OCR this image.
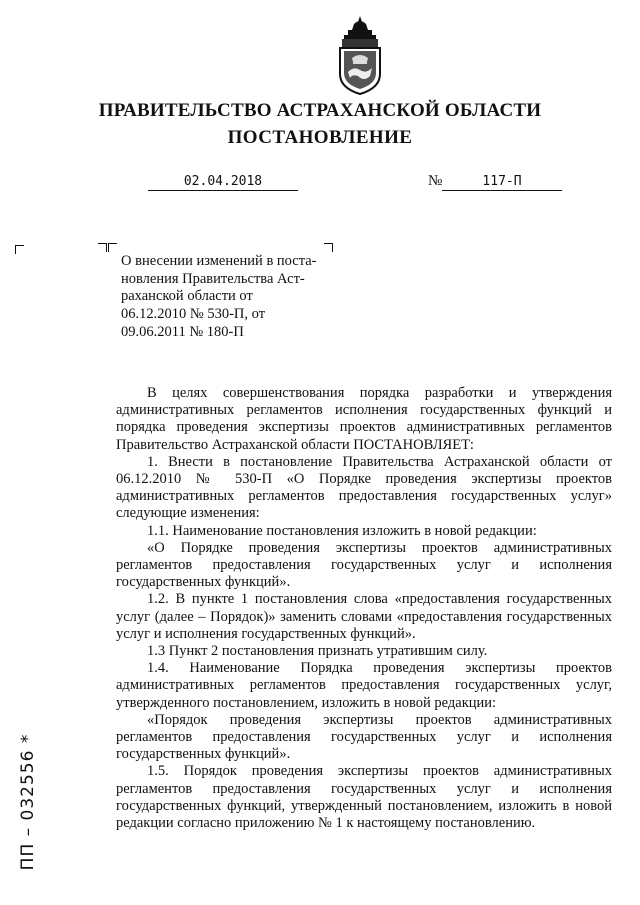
ПРАВИТЕЛЬСТВО АСТРАХАНСКОЙ ОБЛАСТИ
ПОСТАНОВЛЕНИЕ
02.04.2018	№	117-П
О внесении изменений в поста-
новления Правительства Аст-
раханской области от
06.12.2010 № 530-П, от
09.06.2011 № 180-П

В целях совершенствования порядка разработки и утверждения административных регламентов исполнения государственных функций и порядка проведения экспертизы проектов административных регламентов Правительство Астраханской области ПОСТАНОВЛЯЕТ:

1. Внести в постановление Правительства Астраханской области от 06.12.2010 № 530-П «О Порядке проведения экспертизы проектов административных регламентов предоставления государственных услуг» следующие изменения:

1.1. Наименование постановления изложить в новой редакции:

«О Порядке проведения экспертизы проектов административных регламентов предоставления государственных услуг и исполнения государственных функций».

1.2. В пункте 1 постановления слова «предоставления государственных услуг (далее – Порядок)» заменить словами «предоставления государственных услуг и исполнения государственных функций».

1.3 Пункт 2 постановления признать утратившим силу.

1.4. Наименование Порядка проведения экспертизы проектов административных регламентов предоставления государственных услуг, утвержденного постановлением, изложить в новой редакции:

«Порядок проведения экспертизы проектов административных регламентов предоставления государственных услуг и исполнения государственных функций».

1.5. Порядок проведения экспертизы проектов административных регламентов предоставления государственных услуг и исполнения государственных функций, утвержденный постановлением, изложить в новой редакции согласно приложению № 1 к настоящему постановлению.

ПП – 032556 *
